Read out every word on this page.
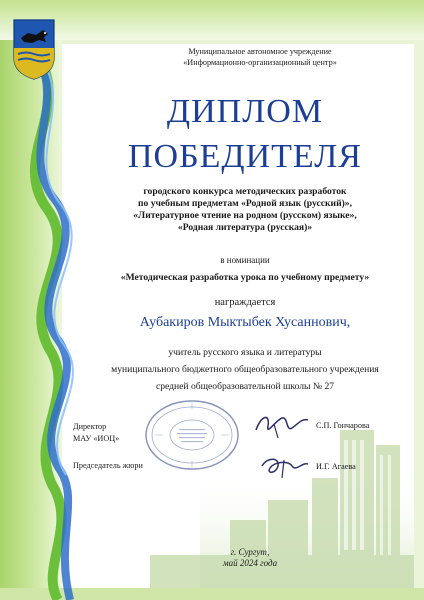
Муниципальное автономное учреждение
«Информационно-организационный центр»
ДИПЛОМ
ПОБЕДИТЕЛЯ
городского конкурса методических разработок
по учебным предметам «Родной язык (русский)»,
«Литературное чтение на родном (русском) языке»,
«Родная литература (русская)»
в номинации
«Методическая разработка урока по учебному предмету»
награждается
Аубакиров Мыктыбек Хусаннович,
учитель русского языка и литературы
муниципального бюджетного общеобразовательного учреждения
средней общеобразовательной школы № 27
Директор
МАУ «ИОЦ»
Председатель жюри
С.П. Гончарова
И.Г. Агаева
г. Сургут,
май 2024 года
